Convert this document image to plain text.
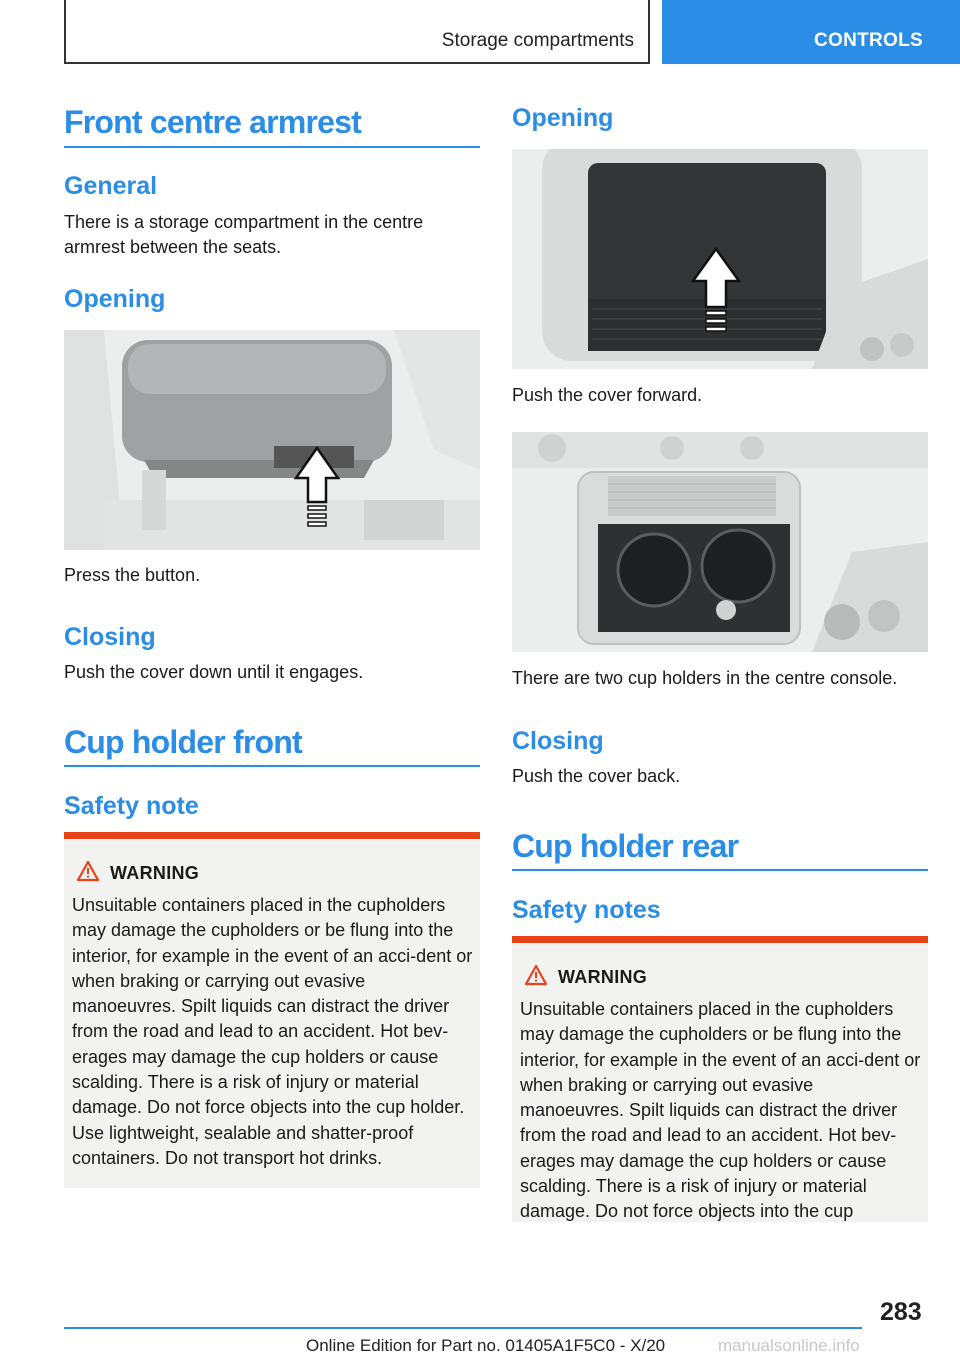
Storage compartments	CONTROLS
Front centre armrest
General
There is a storage compartment in the centre armrest between the seats.
Opening
Press the button.
Closing
Push the cover down until it engages.
Cup holder front
Safety note
WARNING
Unsuitable containers placed in the cupholders may damage the cupholders or be flung into the interior, for example in the event of an acci-dent or when braking or carrying out evasive manoeuvres. Spilt liquids can distract the driver from the road and lead to an accident. Hot bev-erages may damage the cup holders or cause scalding. There is a risk of injury or material damage. Do not force objects into the cup holder. Use lightweight, sealable and shatter-proof containers. Do not transport hot drinks.
Opening
Push the cover forward.
There are two cup holders in the centre console.
Closing
Push the cover back.
Cup holder rear
Safety notes
WARNING
Unsuitable containers placed in the cupholders may damage the cupholders or be flung into the interior, for example in the event of an acci-dent or when braking or carrying out evasive manoeuvres. Spilt liquids can distract the driver from the road and lead to an accident. Hot bev-erages may damage the cup holders or cause scalding. There is a risk of injury or material damage. Do not force objects into the cup
283
Online Edition for Part no. 01405A1F5C0 - X/20	manualsonline.info
